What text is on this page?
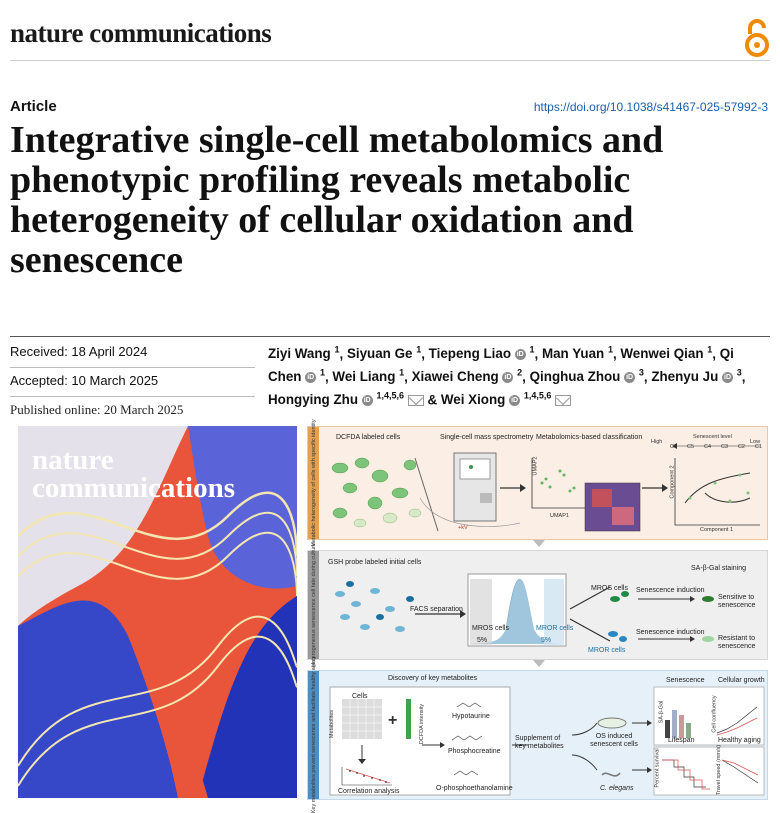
nature communications
Article	https://doi.org/10.1038/s41467-025-57992-3
Integrative single-cell metabolomics and phenotypic profiling reveals metabolic heterogeneity of cellular oxidation and senescence
Received: 18 April 2024
Accepted: 10 March 2025
Published online: 20 March 2025
Ziyi Wang $^1$, Siyuan Ge $^1$, Tiepeng Liao iD $^1$, Man Yuan $^1$, Wenwei Qian $^1$, Qi Chen iD $^1$, Wei Liang $^1$, Xiawei Cheng iD $^2$, Qinghua Zhou iD $^3$, Zhenyu Ju iD $^3$, Hongying Zhu iD $^{1,4,5,6}$  & Wei Xiong iD $^{1,4,5,6}$
nature
communications	Metabolic heterogeneity of cells with specific identity	DCFDA labeled cells	Single-cell mass spectrometry Metabolomics-based classification
High	Low
Senescent level
UMAP1
UMAP2
Component 1
Component 2
+kV
C6 C5 C4 C3 C2 C1
Heterogeneous senescence cell fate during culture GSH probe labeled initial cells
FACS separation
MROS cells
5%
MROR cells
5%
MROS cells
MROR cells
Senescence induction
Senescence induction
SA-β-Gal staining
Sensitive to senescence
Resistant to senescence
Key metabolites prevent senescence and facilitate healthy aging	Discovery of key metabolites
+
Cells
Metabolites	DCFDA intensity
Correlation analysis
Hypotaurine
Phosphocreatine
O-phosphoethanolamine
Supplement of key metabolites
OS induced senescent cells
C. elegans
Senescence Cellular growth
Lifespan	Healthy aging
SA-β-Gal	Cell confluency
Percent survival	Travel speed (mm/s)
